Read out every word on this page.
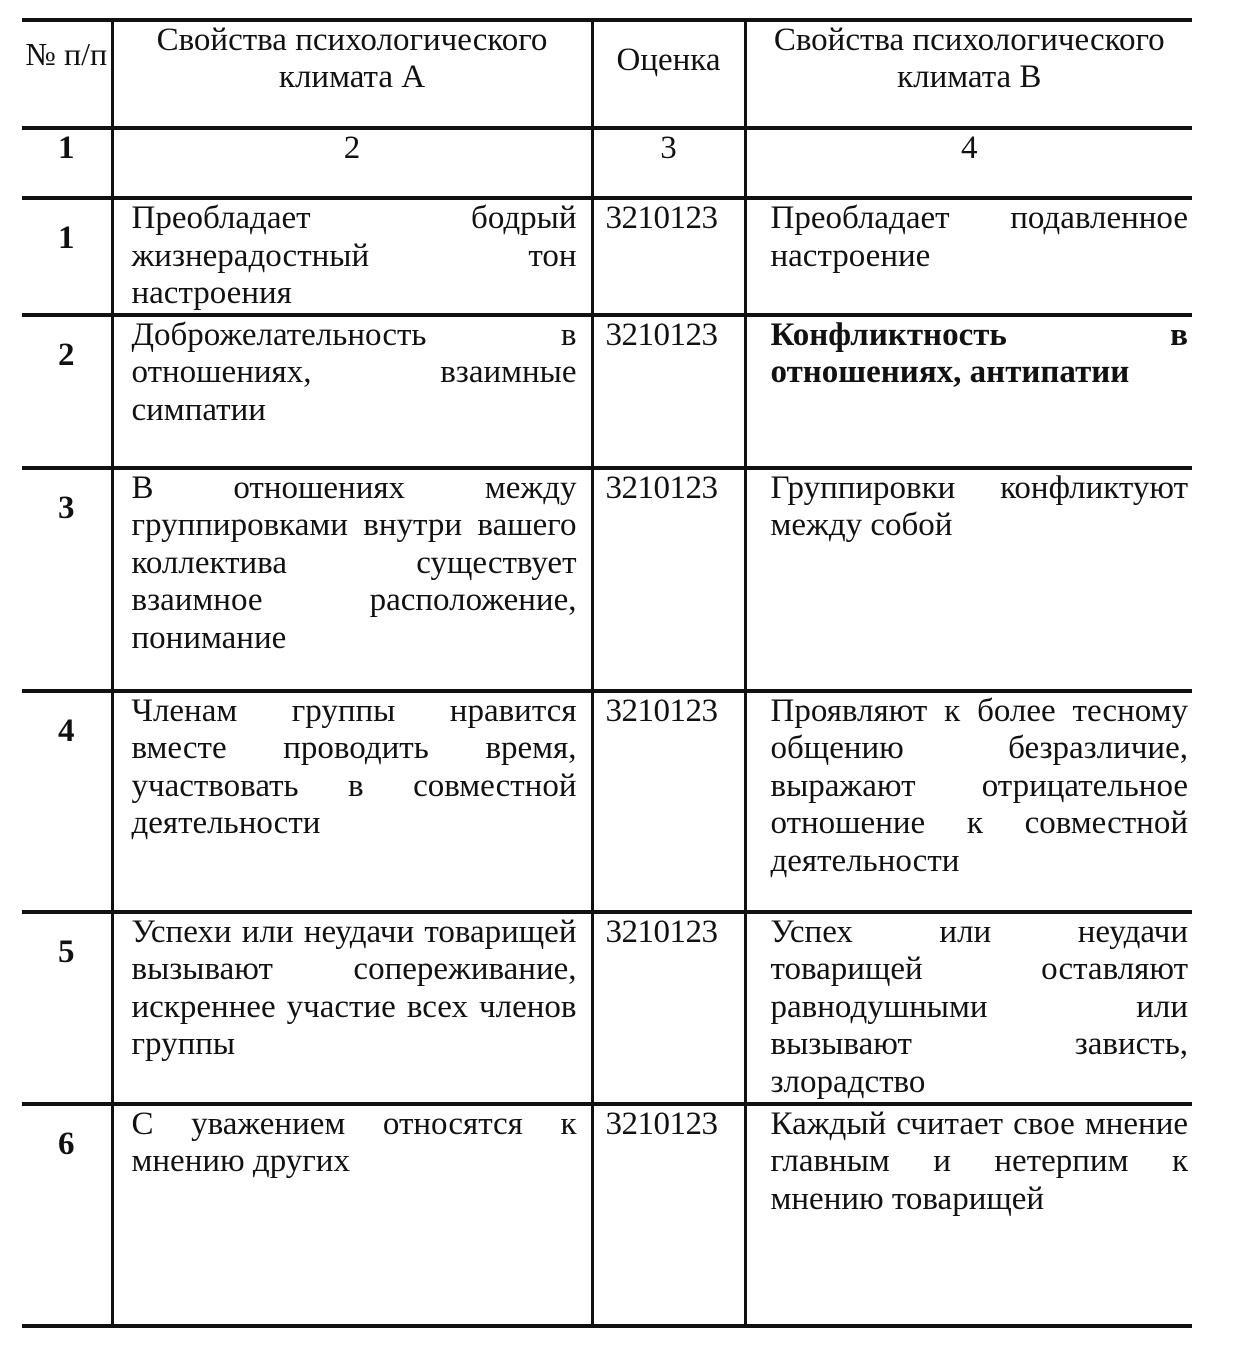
№ п/п	Свойства психологического климата А	Оценка	Свойства психологического климата В
1	2	3	4
1	Преобладает бодрый жизнерадостный тон настроения	3210123	Преобладает подавленное настроение
2	Доброжелательность в отношениях, взаимные симпатии	3210123	Конфликтность в отношениях, антипатии
3	В отношениях между группировками внутри вашего коллектива существует взаимное расположение, понимание	3210123	Группировки конфликтуют между собой
4	Членам группы нравится вместе проводить время, участвовать в совместной деятельности	3210123	Проявляют к более тесному общению безразличие, выражают отрицательное отношение к совместной деятельности
5	Успехи или неудачи товарищей вызывают сопереживание, искреннее участие всех членов группы	3210123	Успех или неудачи товарищей оставляют равнодушными или вызывают зависть, злорадство
6	С уважением относятся к мнению других	3210123	Каждый считает свое мнение главным и нетерпим к мнению товарищей
